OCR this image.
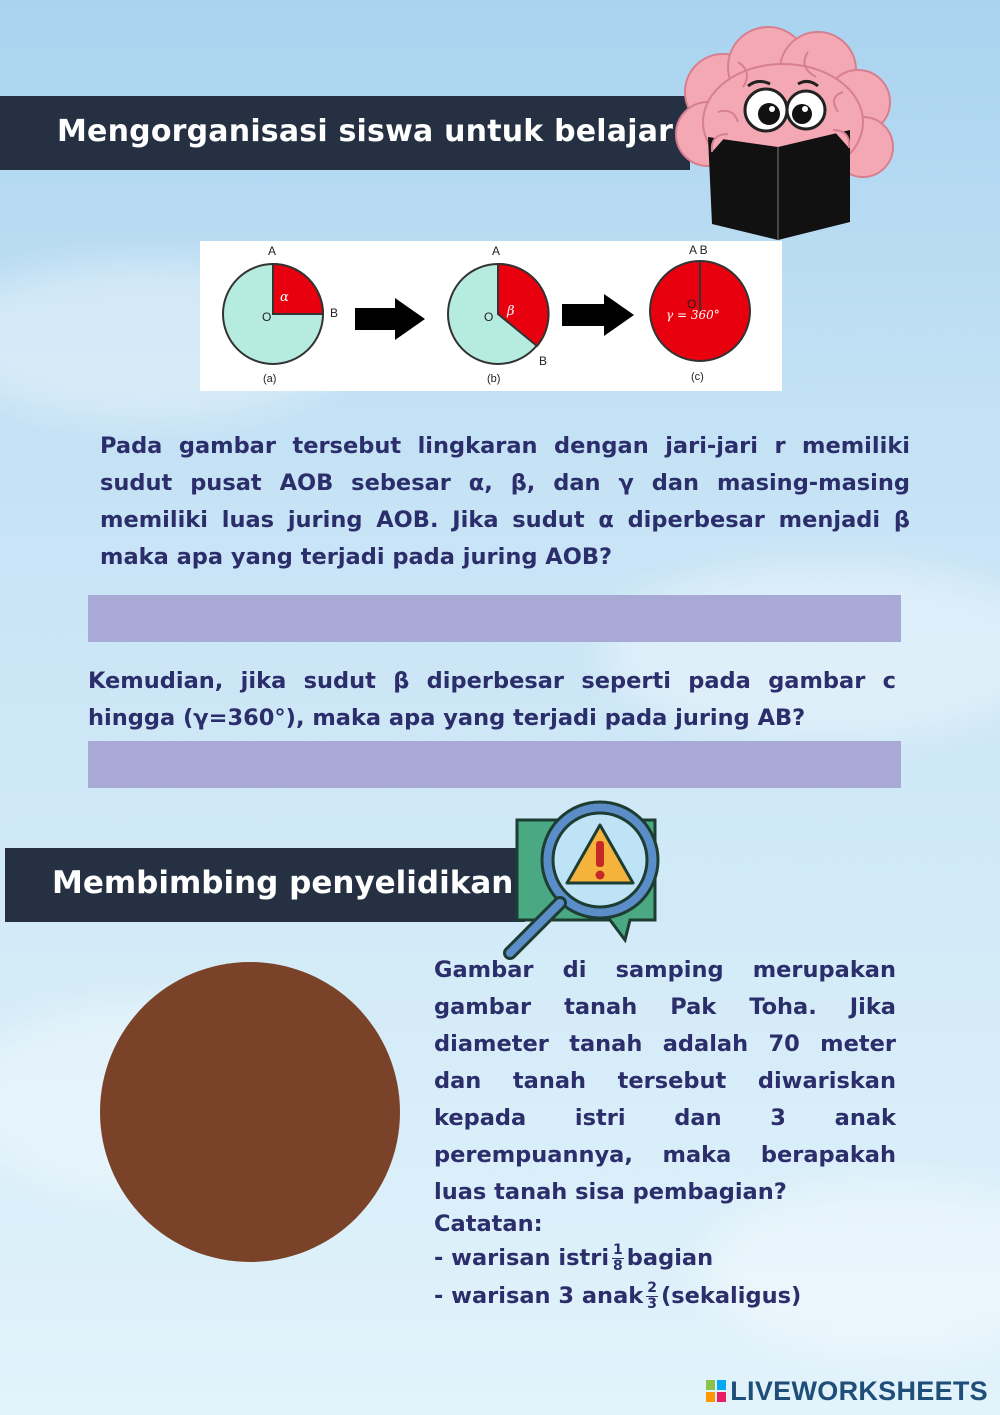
Mengorganisasi siswa untuk belajar
A
B
O
α
(a)
A
B
O β
(b)
A B
O
γ = 360°
(c)
Pada gambar tersebut lingkaran dengan jari-jari r memiliki sudut pusat AOB sebesar α, β, dan γ dan masing-masing memiliki luas juring AOB. Jika sudut α diperbesar menjadi β maka apa yang terjadi pada juring AOB?
Kemudian, jika sudut β diperbesar seperti pada gambar c hingga (γ=360°), maka apa yang terjadi pada juring AB?
Membimbing penyelidikan
Gambar di samping merupakan gambar tanah Pak Toha. Jika diameter tanah adalah 70 meter dan tanah tersebut diwariskan kepada istri dan 3 anak perempuannya, maka berapakah luas tanah sisa pembagian?
Catatan:
- warisan istri $\frac{1}{8}$ bagian
- warisan 3 anak $\frac{2}{3}$ (sekaligus)
LIVEWORKSHEETS
